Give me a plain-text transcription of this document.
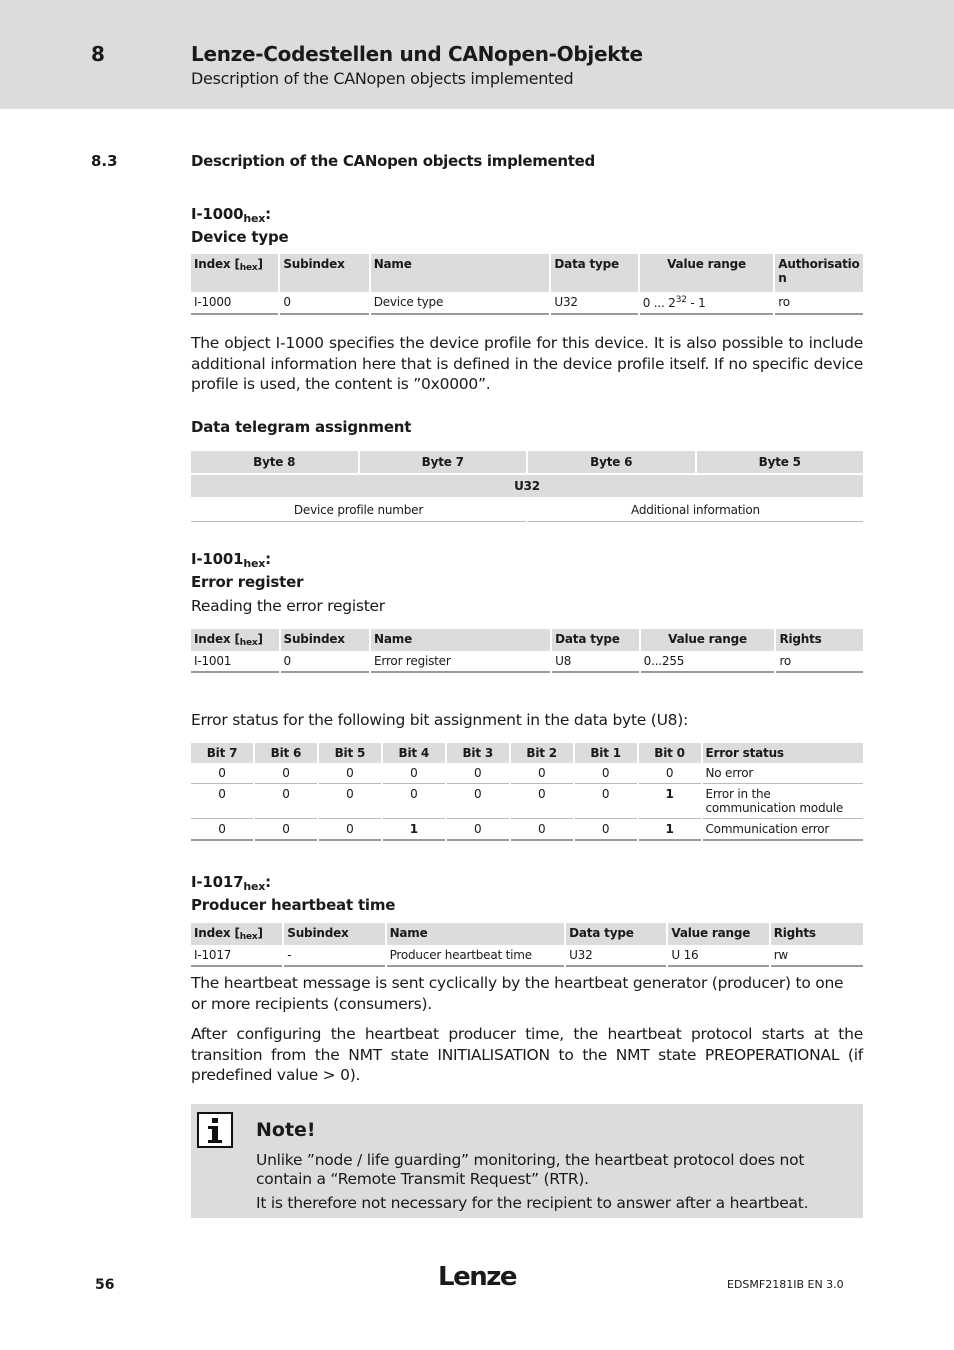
8	Lenze-Codestellen und CANopen-Objekte
Description of the CANopen objects implemented
8.3	Description of the CANopen objects implemented
$I-1000_{hex}$:
Device type
Index $[_{hex}]$	Subindex	Name	Data type	Value range	Authorisatio n
I-1000	0	Device type	U32	0 ... $2^{32} - 1$	ro
The object I-1000 specifies the device profile for this device. It is also possible to include additional information here that is defined in the device profile itself. If no specific device profile is used, the content is ”0x0000”.
Data telegram assignment
Byte 8	Byte 7	Byte 6	Byte 5
U32			
Device profile number		Additional information	
$I-1001_{hex}$:
Error register
Reading the error register
Index $[_{hex}]$	Subindex	Name	Data type	Value range	Rights
I-1001	0	Error register	U8	0...255	ro
Error status for the following bit assignment in the data byte (U8):
Bit 7	Bit 6	Bit 5	Bit 4	Bit 3	Bit 2	Bit 1	Bit 0	Error status
0	0	0	0	0	0	0	0	No error
0	0	0	0	0	0	0	1	Error in the communication module
0	0	0	1	0	0	0	1	Communication error
$I-1017_{hex}$:
Producer heartbeat time
Index $[_{hex}]$	Subindex	Name	Data type	Value range	Rights
I-1017	-	Producer heartbeat time	U32	U 16	rw
The heartbeat message is sent cyclically by the heartbeat generator (producer) to one or more recipients (consumers).
After configuring the heartbeat producer time, the heartbeat protocol starts at the transition from the NMT state INITIALISATION to the NMT state PREOPERATIONAL (if predefined value > 0).
Note!
Unlike ”node / life guarding” monitoring, the heartbeat protocol does not contain a “Remote Transmit Request” (RTR).
It is therefore not necessary for the recipient to answer after a heartbeat.
56	Lenze	EDSMF2181IB EN 3.0
